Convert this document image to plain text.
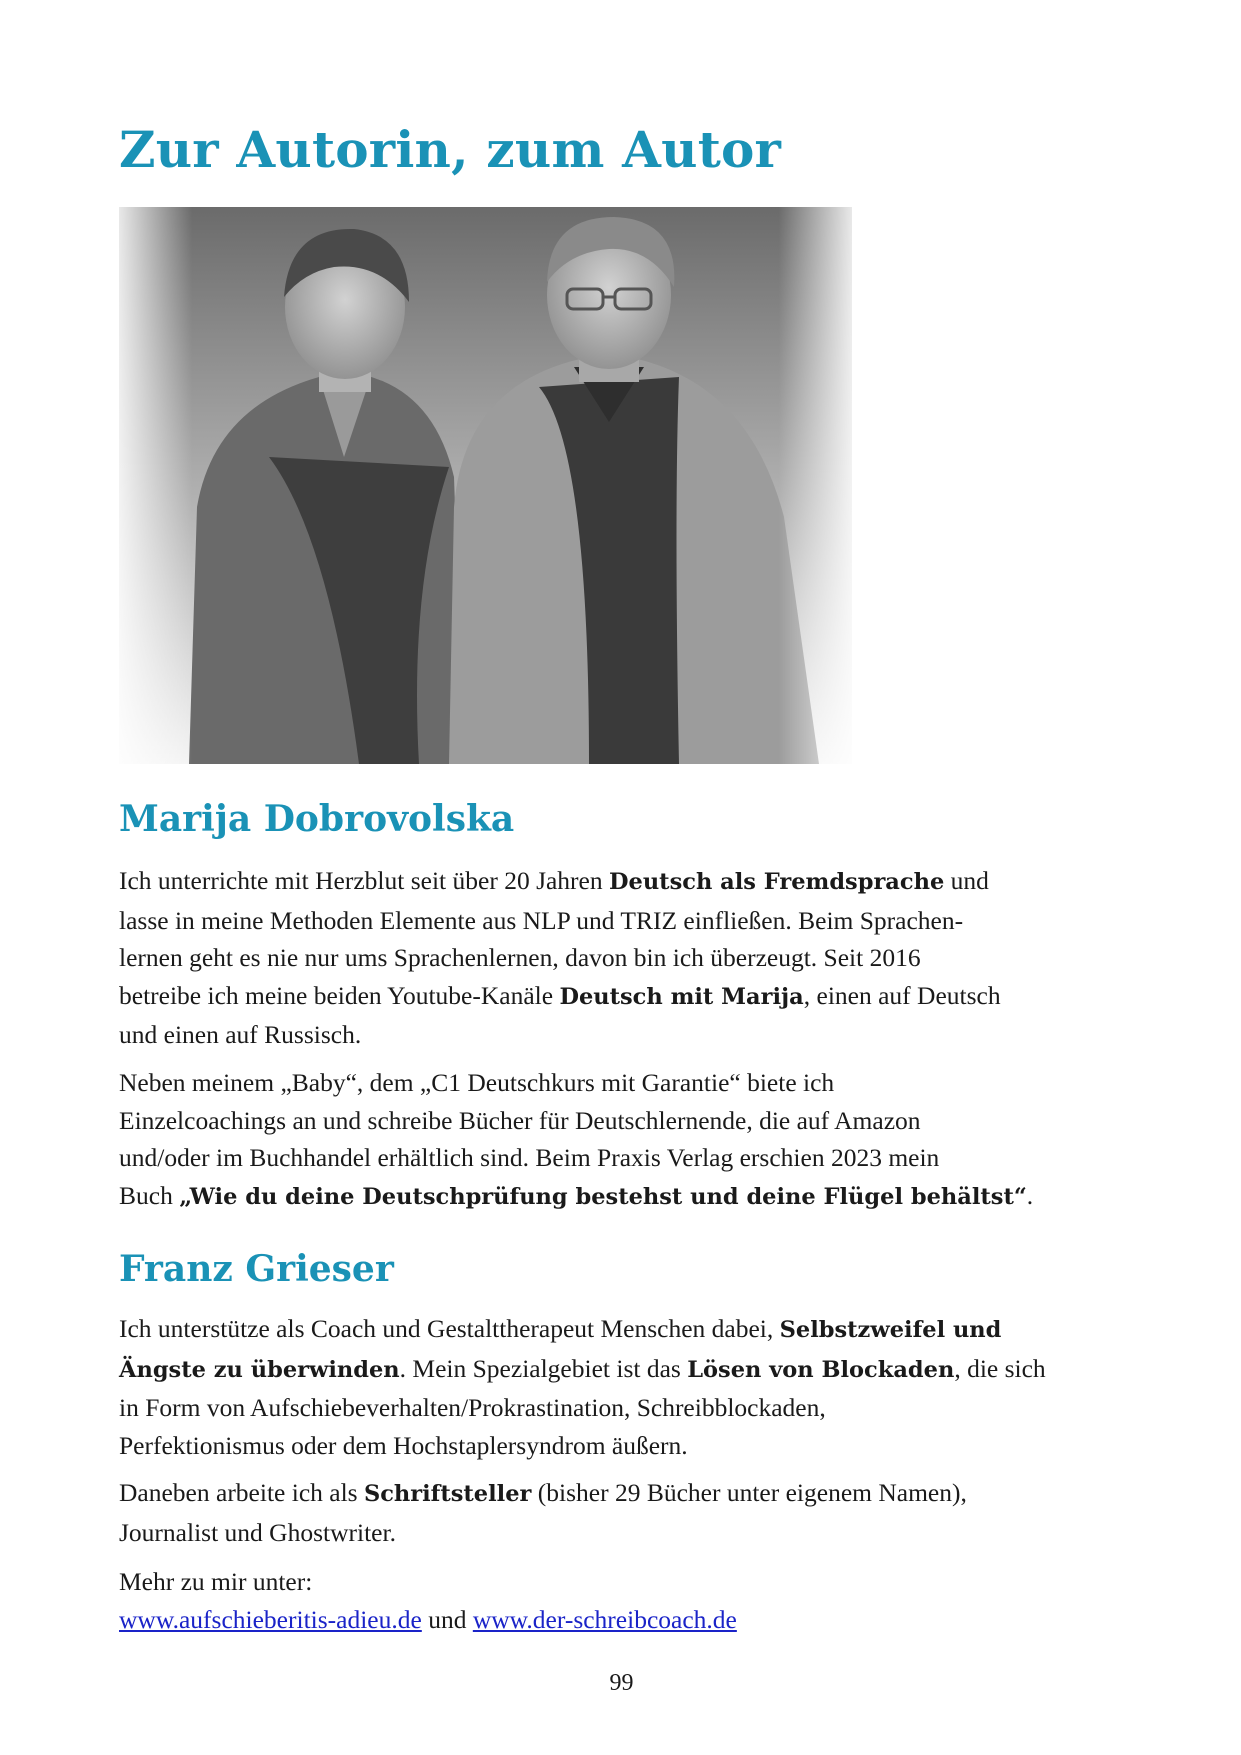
Zur Autorin, zum Autor
Marija Dobrovolska
Ich unterrichte mit Herzblut seit über 20 Jahren Deutsch als Fremdsprache und
lasse in meine Methoden Elemente aus NLP und TRIZ einfließen. Beim Sprachen-
lernen geht es nie nur ums Sprachenlernen, davon bin ich überzeugt. Seit 2016
betreibe ich meine beiden Youtube-Kanäle Deutsch mit Marija, einen auf Deutsch
und einen auf Russisch.
Neben meinem „Baby“, dem „C1 Deutschkurs mit Garantie“ biete ich
Einzelcoachings an und schreibe Bücher für Deutschlernende, die auf Amazon
und/oder im Buchhandel erhältlich sind. Beim Praxis Verlag erschien 2023 mein
Buch „Wie du deine Deutschprüfung bestehst und deine Flügel behältst“.
Franz Grieser
Ich unterstütze als Coach und Gestalttherapeut Menschen dabei, Selbstzweifel und
Ängste zu überwinden. Mein Spezialgebiet ist das Lösen von Blockaden, die sich
in Form von Aufschiebeverhalten/Prokrastination, Schreibblockaden,
Perfektionismus oder dem Hochstaplersyndrom äußern.
Daneben arbeite ich als Schriftsteller (bisher 29 Bücher unter eigenem Namen),
Journalist und Ghostwriter.
Mehr zu mir unter:
www.aufschieberitis-adieu.de und www.der-schreibcoach.de
99
